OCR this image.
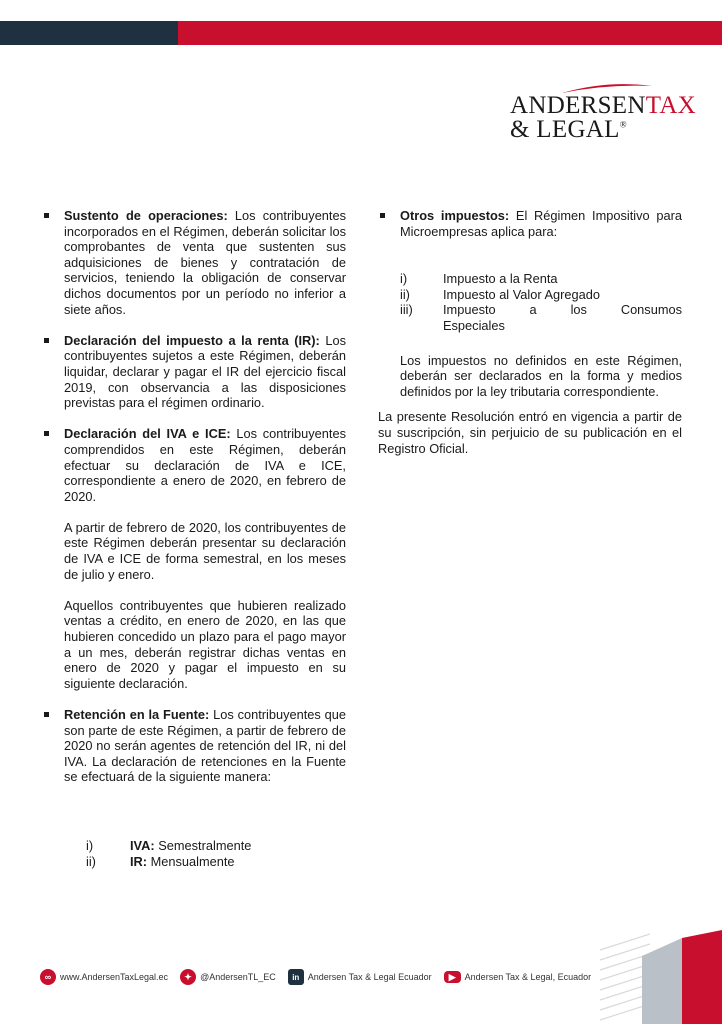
ANDERSENTAX
& LEGAL®
Sustento de operaciones: Los contribuyentes incorporados en el Régimen, deberán solicitar los comprobantes de venta que sustenten sus adquisiciones de bienes y contratación de servicios, teniendo la obligación de conservar dichos documentos por un período no inferior a siete años.
Declaración del impuesto a la renta (IR): Los contribuyentes sujetos a este Régimen, deberán liquidar, declarar y pagar el IR del ejercicio fiscal 2019, con observancia a las disposiciones previstas para el régimen ordinario.
Declaración del IVA e ICE: Los contribuyentes comprendidos en este Régimen, deberán efectuar su declaración de IVA e ICE, correspondiente a enero de 2020, en febrero de 2020.
A partir de febrero de 2020, los contribuyentes de este Régimen deberán presentar su declaración de IVA e ICE de forma semestral, en los meses de julio y enero.
Aquellos contribuyentes que hubieren realizado ventas a crédito, en enero de 2020, en las que hubieren concedido un plazo para el pago mayor a un mes, deberán registrar dichas ventas en enero de 2020 y pagar el impuesto en su siguiente declaración.
Retención en la Fuente: Los contribuyentes que son parte de este Régimen, a partir de febrero de 2020 no serán agentes de retención del IR, ni del IVA. La declaración de retenciones en la Fuente se efectuará de la siguiente manera:
i)	IVA: Semestralmente
ii)	IR: Mensualmente
Otros impuestos: El Régimen Impositivo para Microempresas aplica para:
i)	Impuesto a la Renta
ii)	Impuesto al Valor Agregado
iii)	Impuesto a los Consumos
Especiales
Los impuestos no definidos en este Régimen, deberán ser declarados en la forma y medios definidos por la ley tributaria correspondiente.
La presente Resolución entró en vigencia a partir de su suscripción, sin perjuicio de su publicación en el Registro Oficial.
∞ www.AndersenTaxLegal.ec	✦ @AndersenTL_EC	in Andersen Tax & Legal Ecuador	▶	Andersen Tax & Legal, Ecuador
